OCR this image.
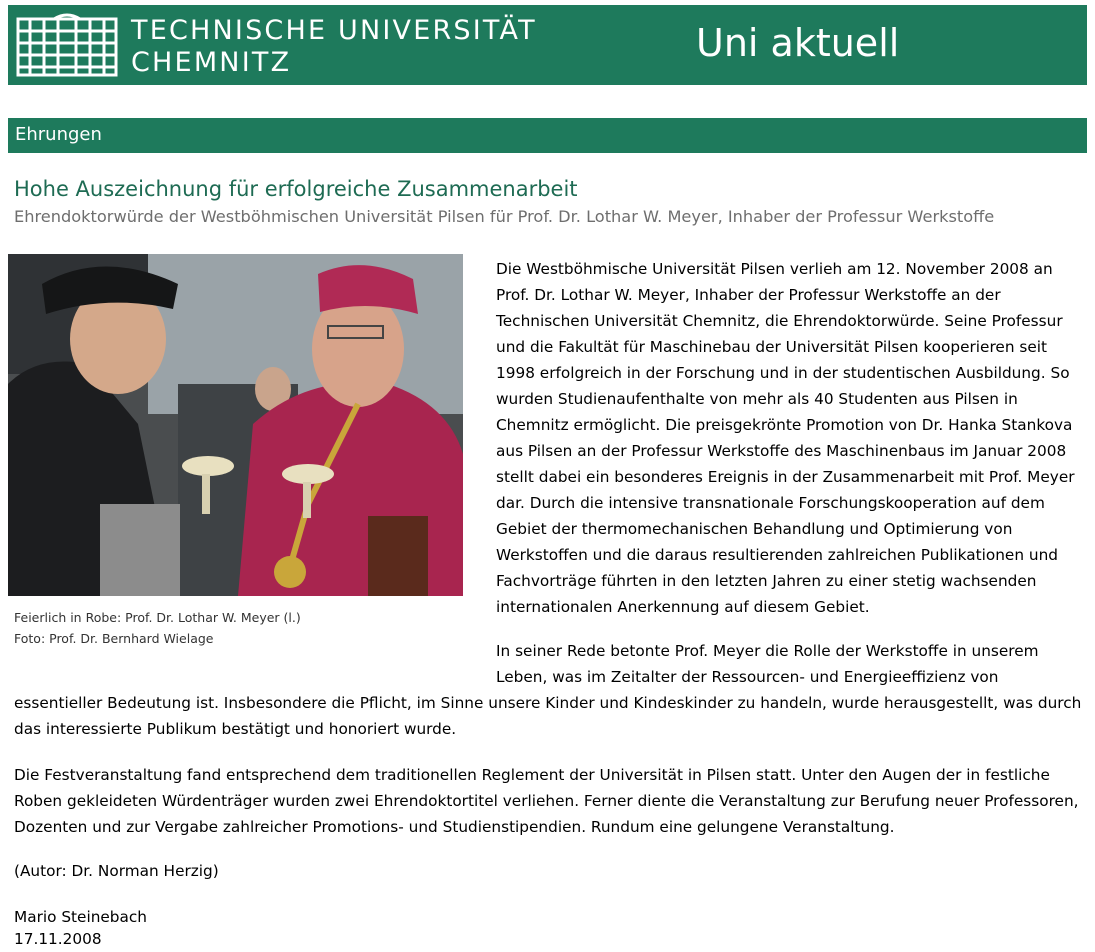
TECHNISCHE UNIVERSITÄT
CHEMNITZ	Uni aktuell
Ehrungen
Hohe Auszeichnung für erfolgreiche Zusammenarbeit
Ehrendoktorwürde der Westböhmischen Universität Pilsen für Prof. Dr. Lothar W. Meyer, Inhaber der Professur Werkstoffe
Feierlich in Robe: Prof. Dr. Lothar W. Meyer (l.)
Foto: Prof. Dr. Bernhard Wielage
Die Westböhmische Universität Pilsen verlieh am 12. November 2008 an Prof. Dr. Lothar W. Meyer, Inhaber der Professur Werkstoffe an der Technischen Universität Chemnitz, die Ehrendoktorwürde. Seine Professur und die Fakultät für Maschinebau der Universität Pilsen kooperieren seit 1998 erfolgreich in der Forschung und in der studentischen Ausbildung. So wurden Studienaufenthalte von mehr als 40 Studenten aus Pilsen in Chemnitz ermöglicht. Die preisgekrönte Promotion von Dr. Hanka Stankova aus Pilsen an der Professur Werkstoffe des Maschinenbaus im Januar 2008 stellt dabei ein besonderes Ereignis in der Zusammenarbeit mit Prof. Meyer dar. Durch die intensive transnationale Forschungskooperation auf dem Gebiet der thermomechanischen Behandlung und Optimierung von Werkstoffen und die daraus resultierenden zahlreichen Publikationen und Fachvorträge führten in den letzten Jahren zu einer stetig wachsenden internationalen Anerkennung auf diesem Gebiet.
In seiner Rede betonte Prof. Meyer die Rolle der Werkstoffe in unserem Leben, was im Zeitalter der Ressourcen- und Energieeffizienz von
essentieller Bedeutung ist. Insbesondere die Pflicht, im Sinne unsere Kinder und Kindeskinder zu handeln, wurde herausgestellt, was durch das interessierte Publikum bestätigt und honoriert wurde.
Die Festveranstaltung fand entsprechend dem traditionellen Reglement der Universität in Pilsen statt. Unter den Augen der in festliche Roben gekleideten Würdenträger wurden zwei Ehrendoktortitel verliehen. Ferner diente die Veranstaltung zur Berufung neuer Professoren, Dozenten und zur Vergabe zahlreicher Promotions- und Studienstipendien. Rundum eine gelungene Veranstaltung.
(Autor: Dr. Norman Herzig)
Mario Steinebach
17.11.2008
